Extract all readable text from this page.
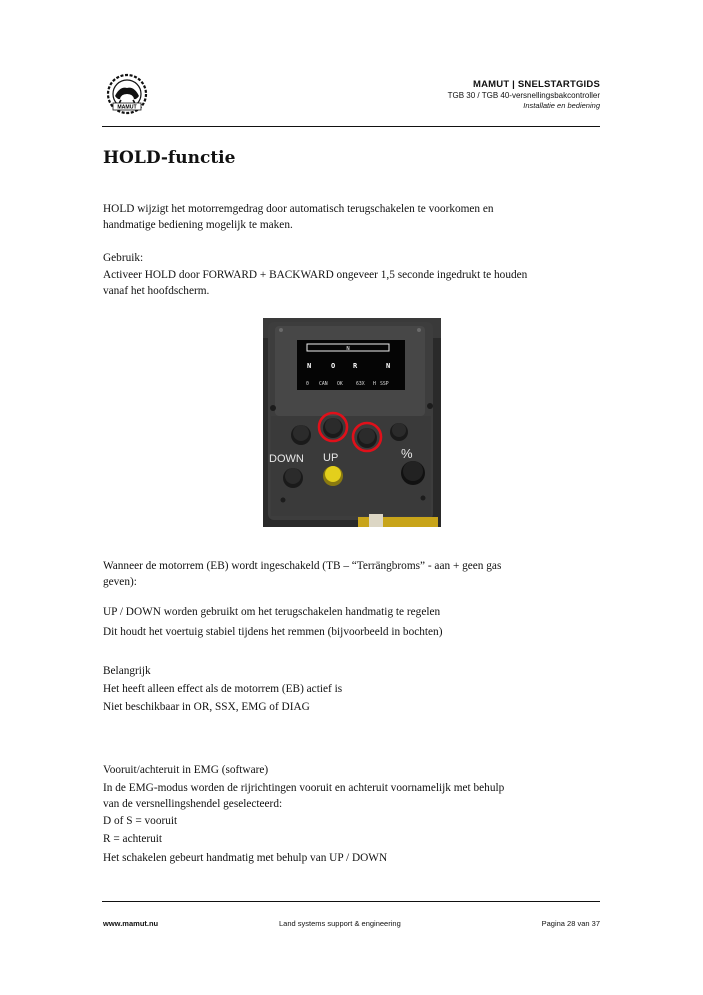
MAMUT
MAMUT | SNELSTARTGIDS
TGB 30 / TGB 40-versnellingsbakcontroller
Installatie en bediening
HOLD-functie

HOLD wijzigt het motorremgedrag door automatisch terugschakelen te voorkomen en

handmatige bediening mogelijk te maken.

Gebruik:

Activeer HOLD door FORWARD + BACKWARD ongeveer 1,5 seconde ingedrukt te houden

vanaf het hoofdscherm.

N
N	O	R	N
0 CAN OK	63X H SSP
DOWN UP	%

Wanneer de motorrem (EB) wordt ingeschakeld (TB – “Terrängbroms” - aan + geen gas

geven):

UP / DOWN worden gebruikt om het terugschakelen handmatig te regelen

Dit houdt het voertuig stabiel tijdens het remmen (bijvoorbeeld in bochten)

Belangrijk

Het heeft alleen effect als de motorrem (EB) actief is

Niet beschikbaar in OR, SSX, EMG of DIAG

Vooruit/achteruit in EMG (software)

In de EMG-modus worden de rijrichtingen vooruit en achteruit voornamelijk met behulp

van de versnellingshendel geselecteerd:

D of S = vooruit

R = achteruit

Het schakelen gebeurt handmatig met behulp van UP / DOWN

www.mamut.nu	Land systems support & engineering	Pagina 28 van 37
